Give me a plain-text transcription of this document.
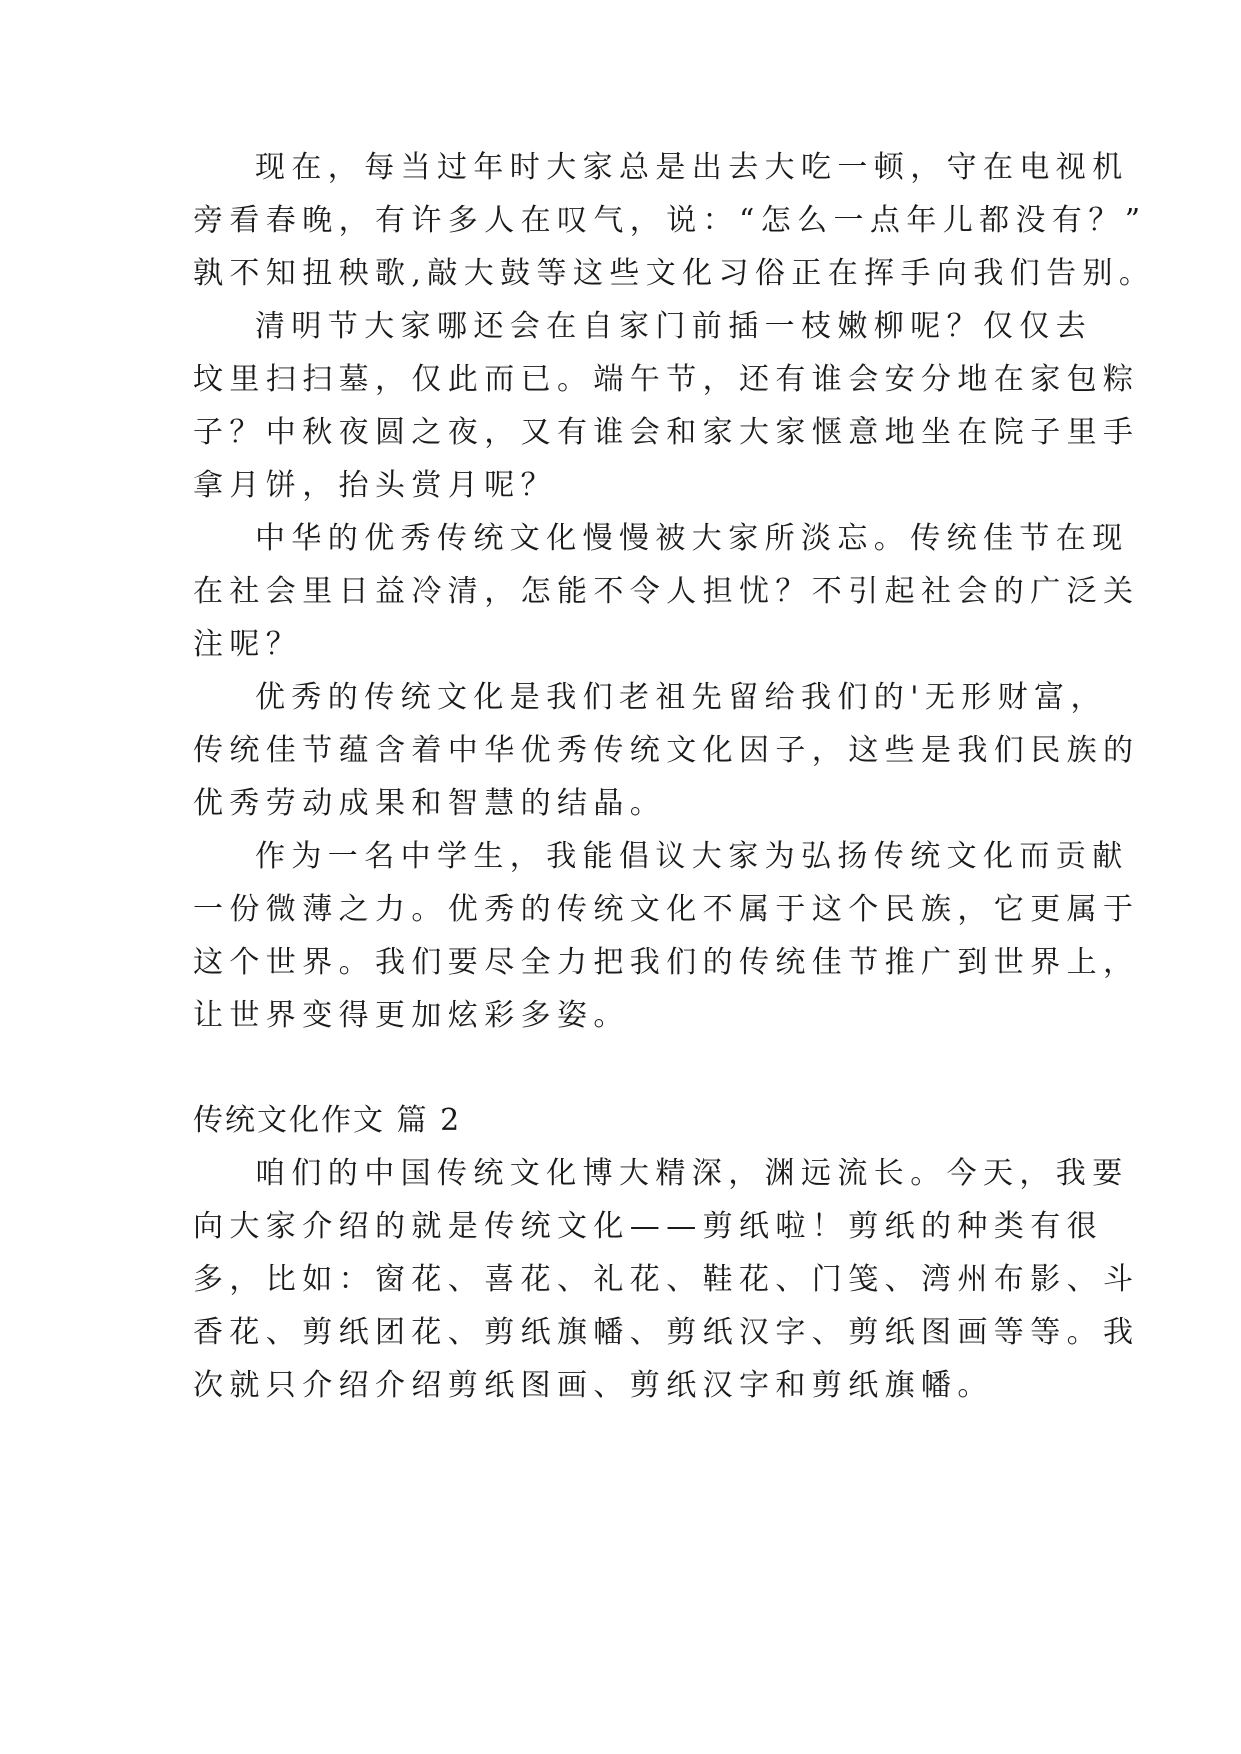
现在，每当过年时大家总是出去大吃一顿，守在电视机
旁看春晚，有许多人在叹气，说：“怎么一点年儿都没有？”
孰不知扭秧歌,敲大鼓等这些文化习俗正在挥手向我们告别。
清明节大家哪还会在自家门前插一枝嫩柳呢？仅仅去
坟里扫扫墓，仅此而已。端午节，还有谁会安分地在家包粽
子？中秋夜圆之夜，又有谁会和家大家惬意地坐在院子里手
拿月饼，抬头赏月呢？
中华的优秀传统文化慢慢被大家所淡忘。传统佳节在现
在社会里日益冷清，怎能不令人担忧？不引起社会的广泛关
注呢？
优秀的传统文化是我们老祖先留给我们的'无形财富，
传统佳节蕴含着中华优秀传统文化因子，这些是我们民族的
优秀劳动成果和智慧的结晶。
作为一名中学生，我能倡议大家为弘扬传统文化而贡献
一份微薄之力。优秀的传统文化不属于这个民族，它更属于
这个世界。我们要尽全力把我们的传统佳节推广到世界上，
让世界变得更加炫彩多姿。
传统文化作文 篇 2
咱们的中国传统文化博大精深，渊远流长。今天，我要
向大家介绍的就是传统文化——剪纸啦！剪纸的种类有很
多，比如：窗花、喜花、礼花、鞋花、门笺、湾州布影、斗
香花、剪纸团花、剪纸旗幡、剪纸汉字、剪纸图画等等。我
次就只介绍介绍剪纸图画、剪纸汉字和剪纸旗幡。
